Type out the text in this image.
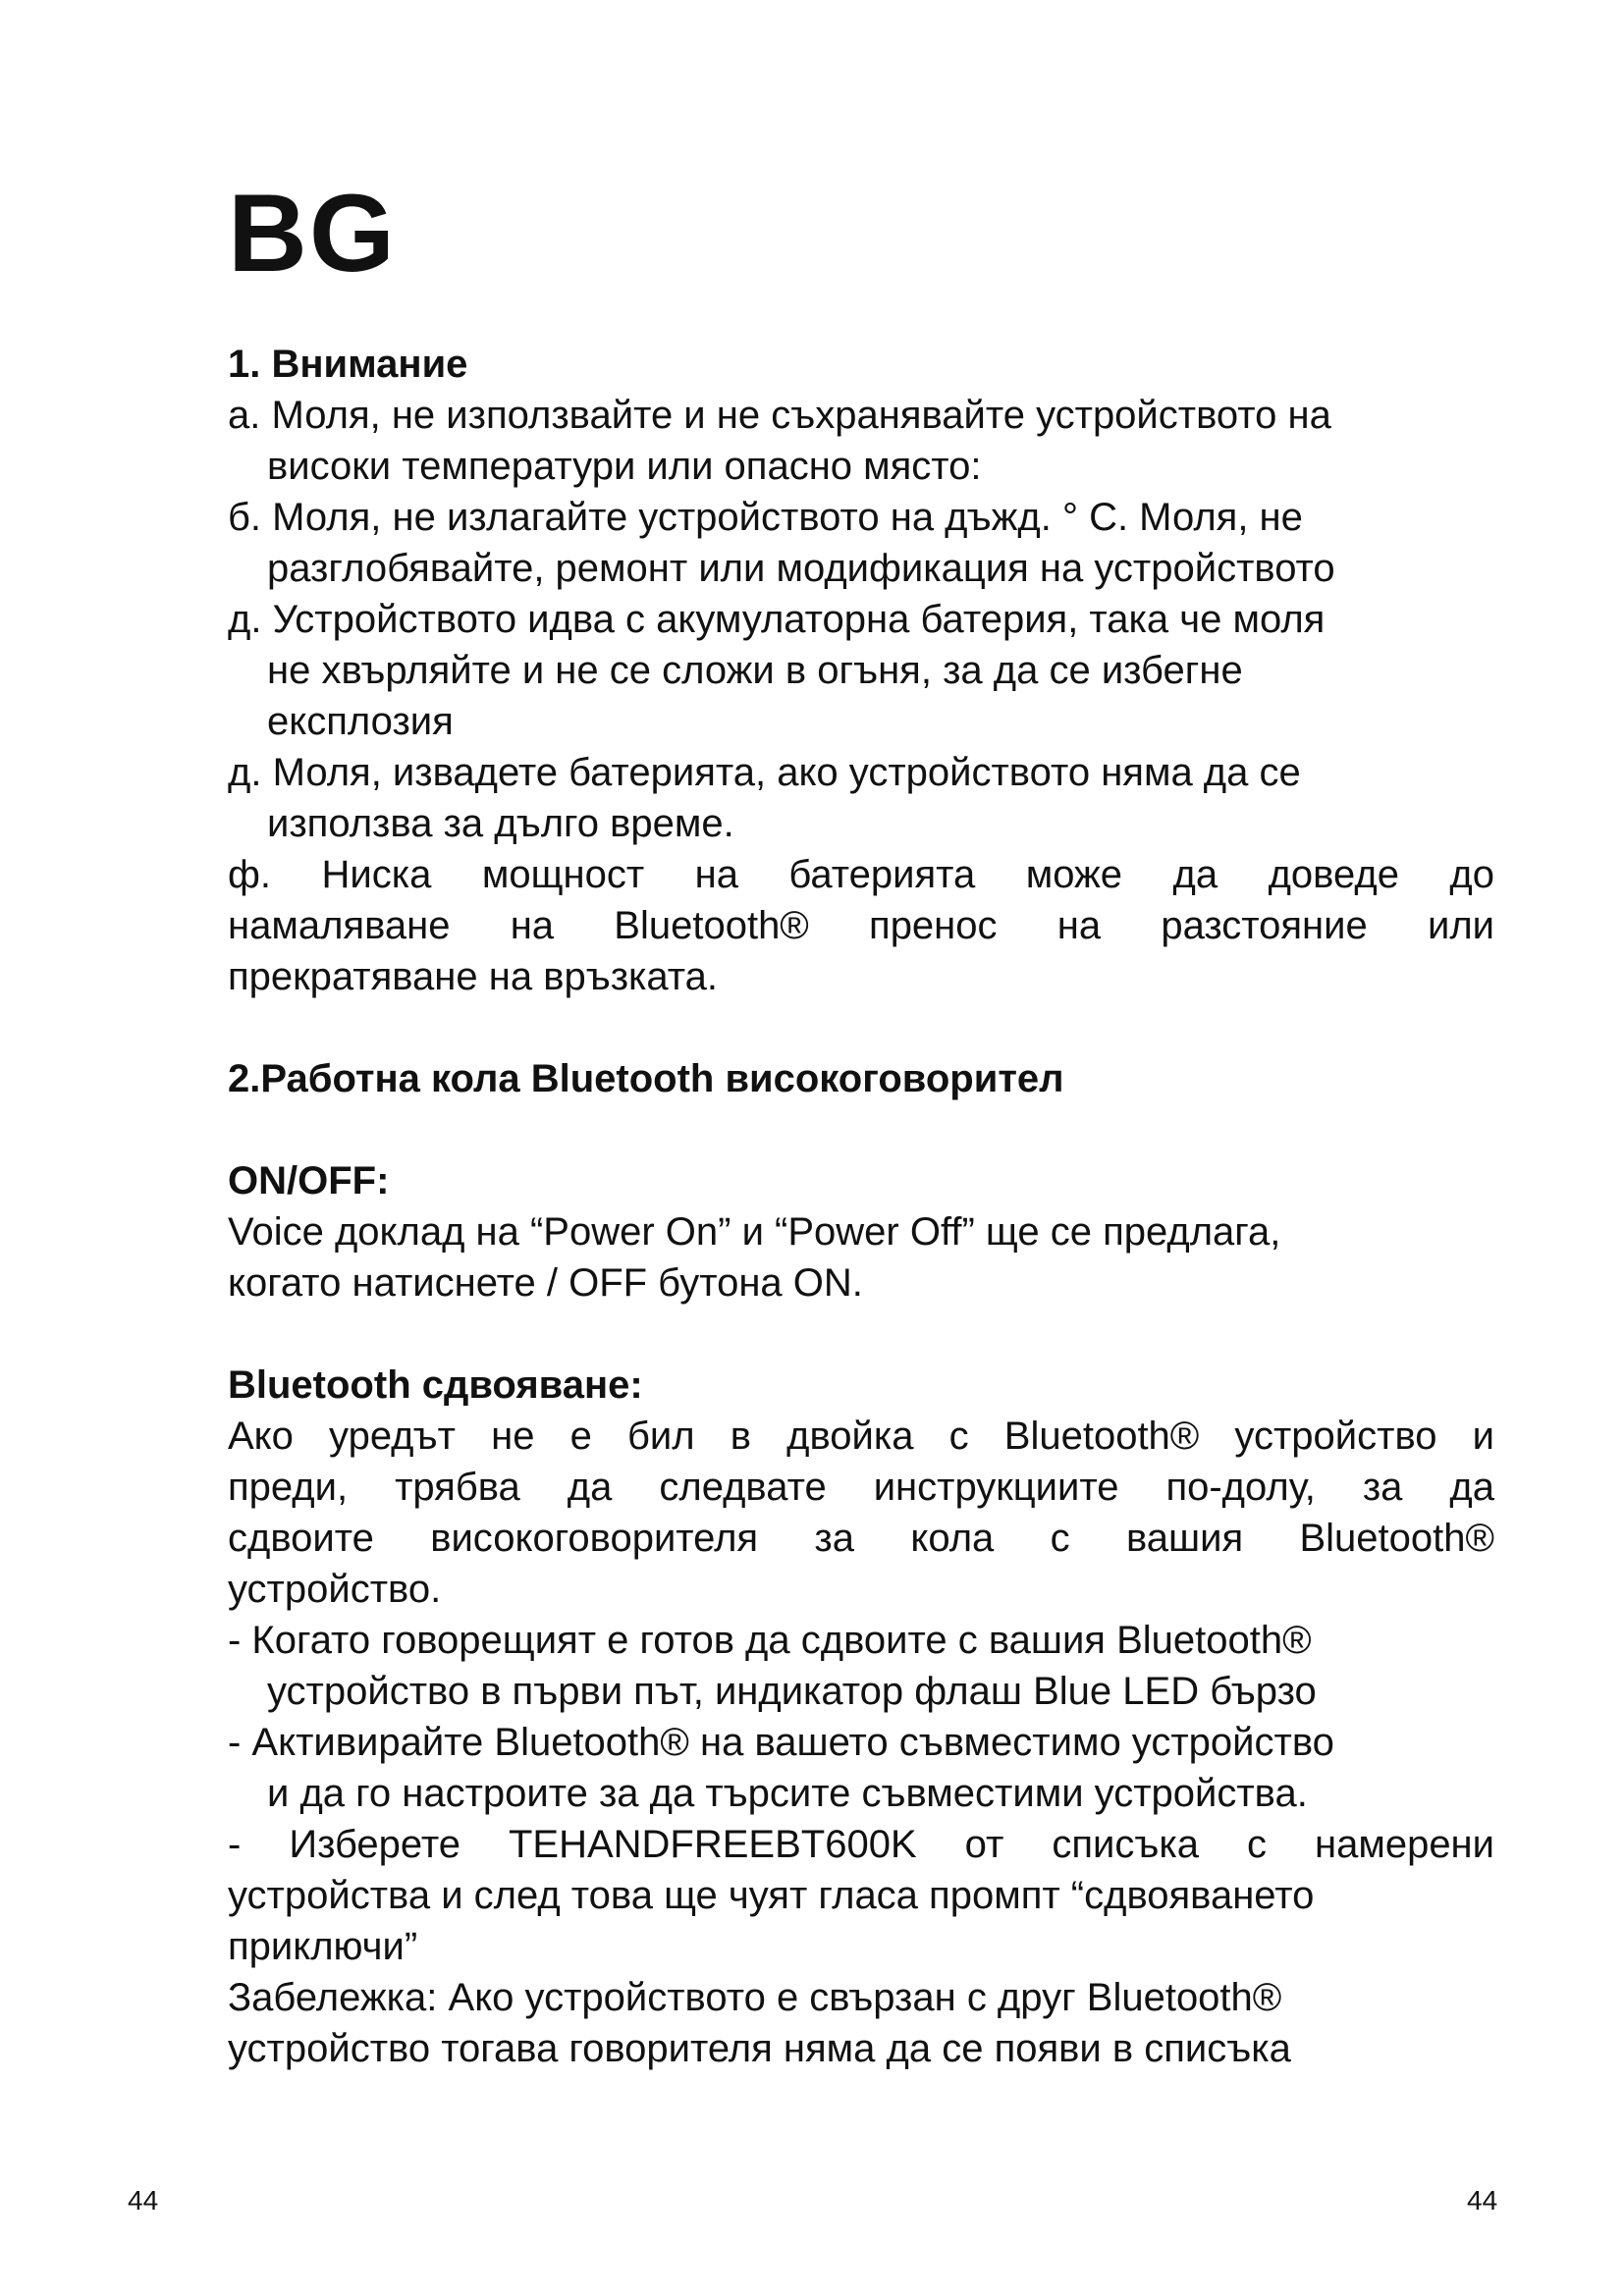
BG
1. Внимание
а. Моля, не използвайте и не съхранявайте устройството на
високи температури или опасно място:
б. Моля, не излагайте устройството на дъжд. ° С. Моля, не
разглобявайте, ремонт или модификация на устройството
д. Устройството идва с акумулаторна батерия, така че моля
не хвърляйте и не се сложи в огъня, за да се избегне
експлозия
д. Моля, извадете батерията, ако устройството няма да се
използва за дълго време.
ф. Ниска мощност на батерията може да доведе до
намаляване на Bluetooth® пренос на разстояние или
прекратяване на връзката.
2.Работна кола Bluetooth високоговорител
ON/OFF:
Voice доклад на “Power On” и “Power Off” ще се предлага,
когато натиснете / OFF бутона ON.
Bluetooth сдвояване:
Ако уредът не е бил в двойка с Bluetooth® устройство и
преди, трябва да следвате инструкциите по-долу, за да
сдвоите високоговорителя за кола с вашия Bluetooth®
устройство.
- Когато говорещият е готов да сдвоите с вашия Bluetooth®
устройство в първи път, индикатор флаш Blue LED бързо
- Активирайте Bluetooth® на вашето съвместимо устройство
и да го настроите за да търсите съвместими устройства.
- Изберете TEHANDFREEBT600K от списъка с намерени
устройства и след това ще чуят гласа промпт “сдвояването
приключи”
Забележка: Ако устройството е свързан с друг Bluetooth®
устройство тогава говорителя няма да се появи в списъка
44	44
